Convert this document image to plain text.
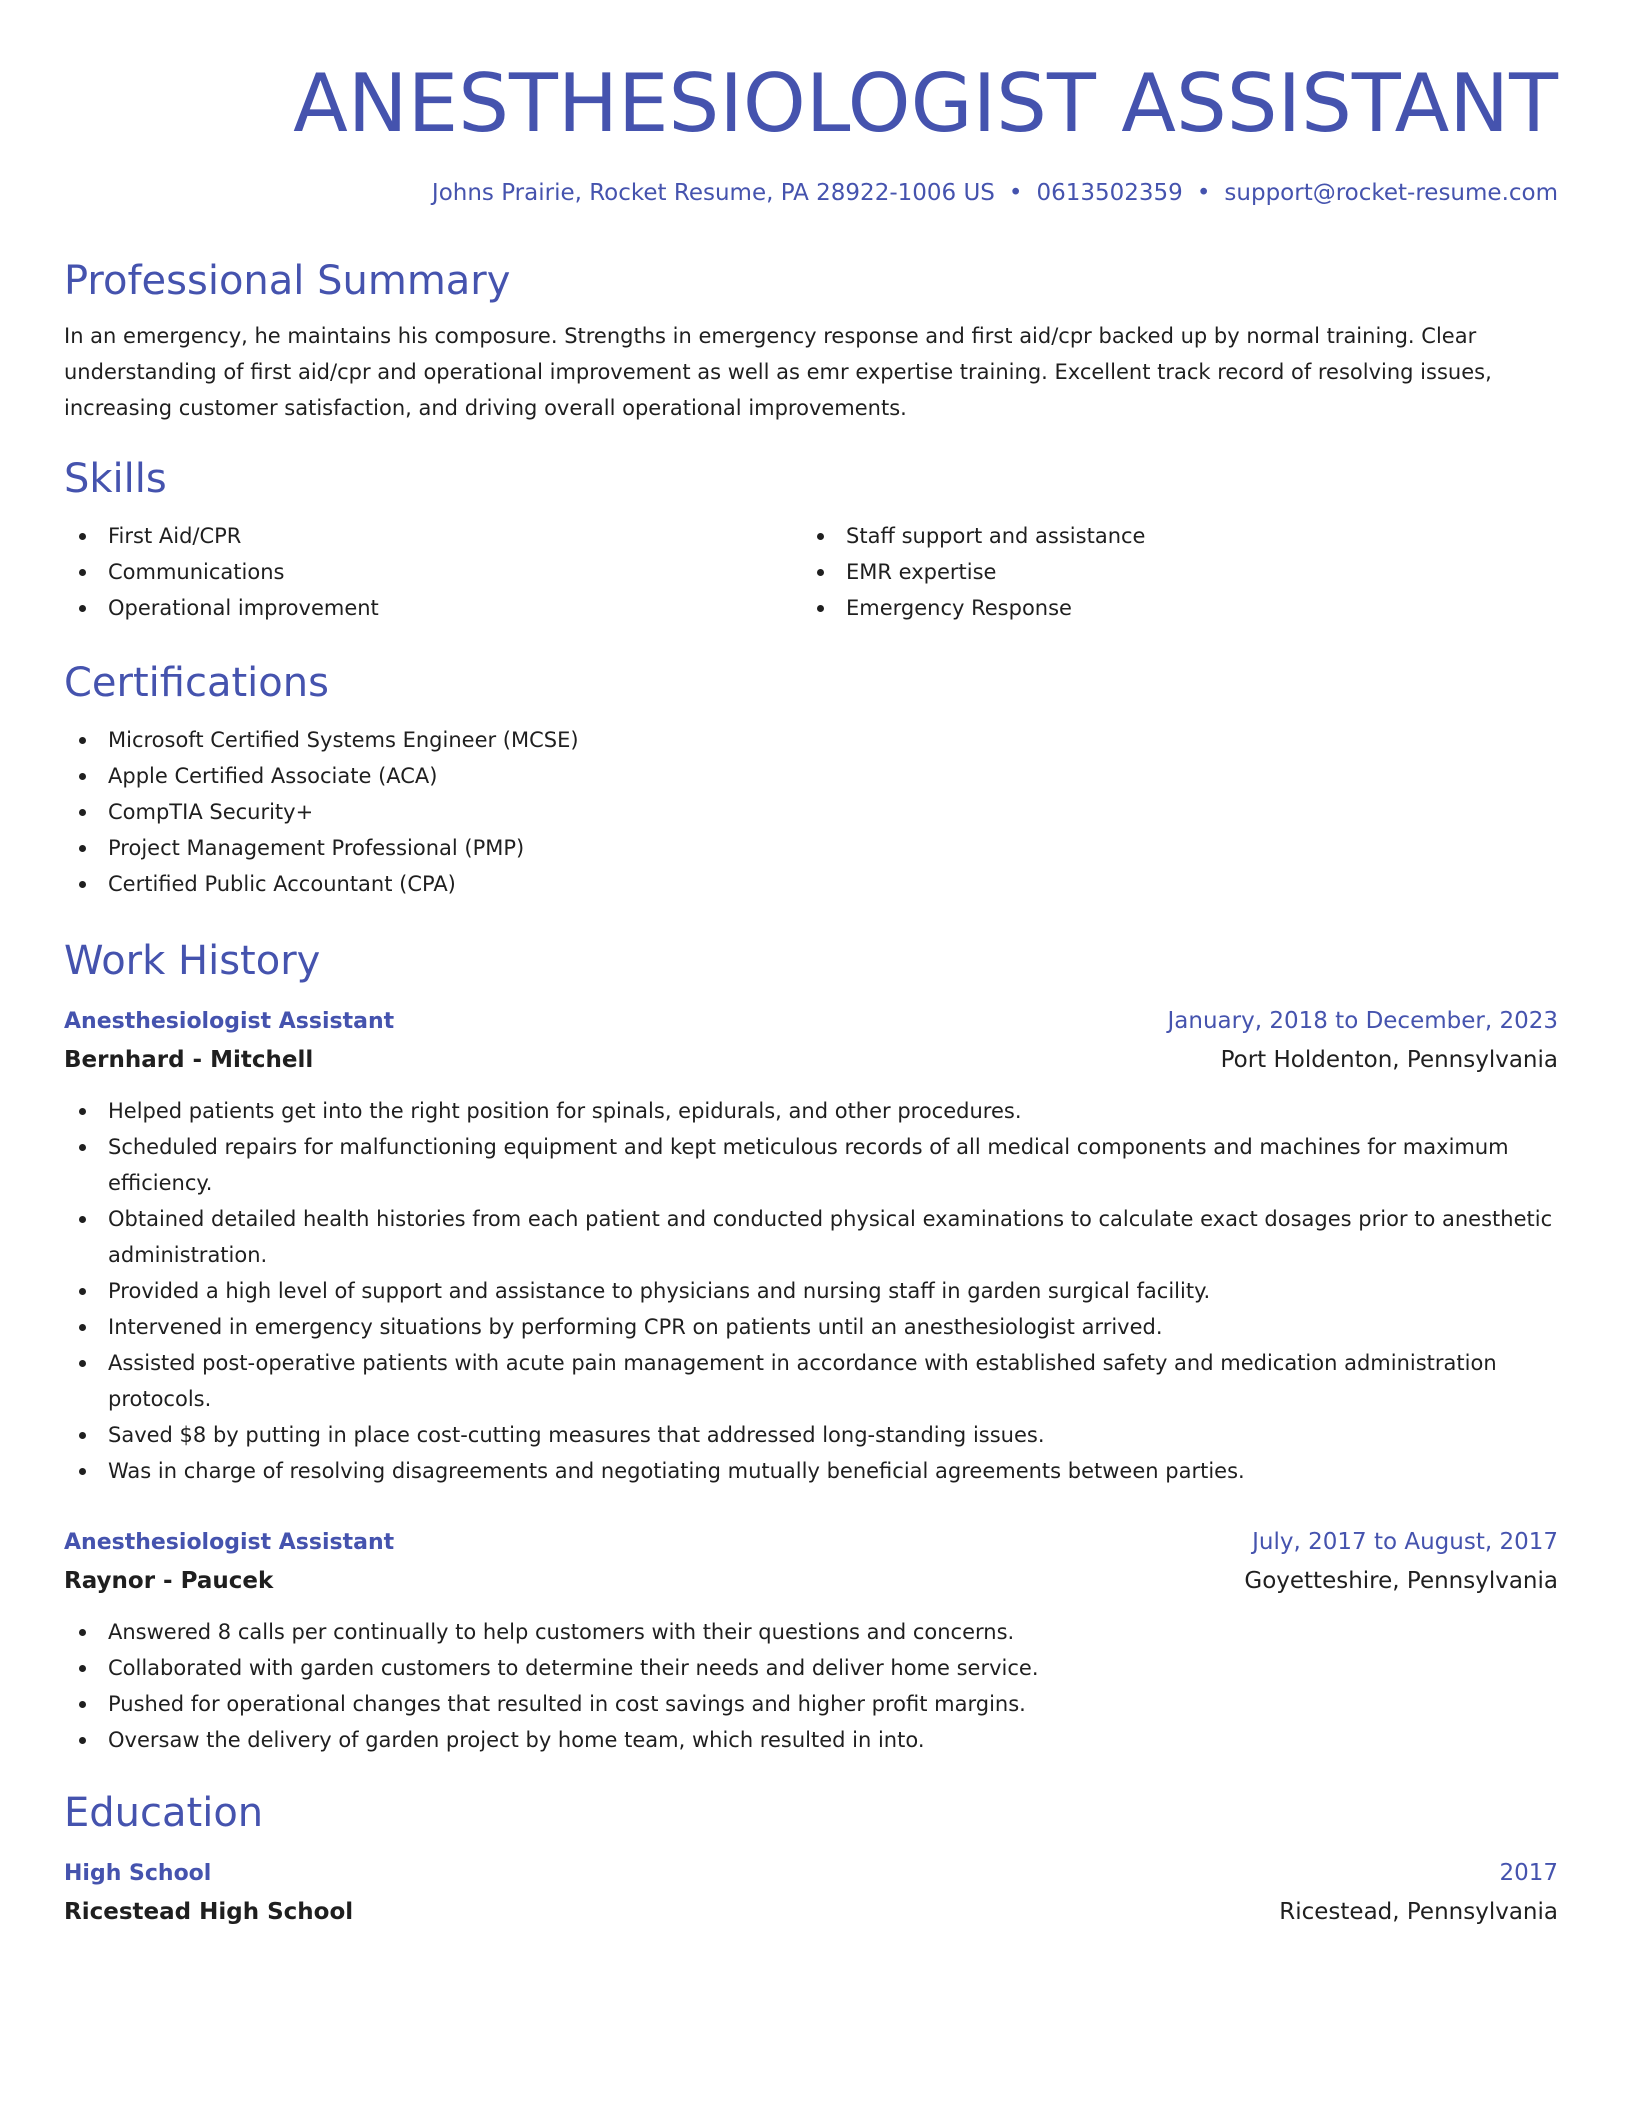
ANESTHESIOLOGIST ASSISTANT
Johns Prairie, Rocket Resume, PA 28922-1006 US • 0613502359 • support@rocket-resume.com
Professional Summary
In an emergency, he maintains his composure. Strengths in emergency response and first aid/cpr backed up by normal training. Clear understanding of first aid/cpr and operational improvement as well as emr expertise training. Excellent track record of resolving issues, increasing customer satisfaction, and driving overall operational improvements.
Skills
First Aid/CPR
Communications
Operational improvement
Staff support and assistance
EMR expertise
Emergency Response
Certifications
Microsoft Certified Systems Engineer (MCSE)
Apple Certified Associate (ACA)
CompTIA Security+
Project Management Professional (PMP)
Certified Public Accountant (CPA)
Work History
Anesthesiologist Assistant	January, 2018 to December, 2023
Bernhard - Mitchell	Port Holdenton, Pennsylvania
Helped patients get into the right position for spinals, epidurals, and other procedures.
Scheduled repairs for malfunctioning equipment and kept meticulous records of all medical components and machines for maximum efficiency.
Obtained detailed health histories from each patient and conducted physical examinations to calculate exact dosages prior to anesthetic administration.
Provided a high level of support and assistance to physicians and nursing staff in garden surgical facility.
Intervened in emergency situations by performing CPR on patients until an anesthesiologist arrived.
Assisted post-operative patients with acute pain management in accordance with established safety and medication administration protocols.
Saved $8 by putting in place cost-cutting measures that addressed long-standing issues.
Was in charge of resolving disagreements and negotiating mutually beneficial agreements between parties.
Anesthesiologist Assistant	July, 2017 to August, 2017
Raynor - Paucek	Goyetteshire, Pennsylvania
Answered 8 calls per continually to help customers with their questions and concerns.
Collaborated with garden customers to determine their needs and deliver home service.
Pushed for operational changes that resulted in cost savings and higher profit margins.
Oversaw the delivery of garden project by home team, which resulted in into.
Education
High School	2017
Ricestead High School	Ricestead, Pennsylvania
